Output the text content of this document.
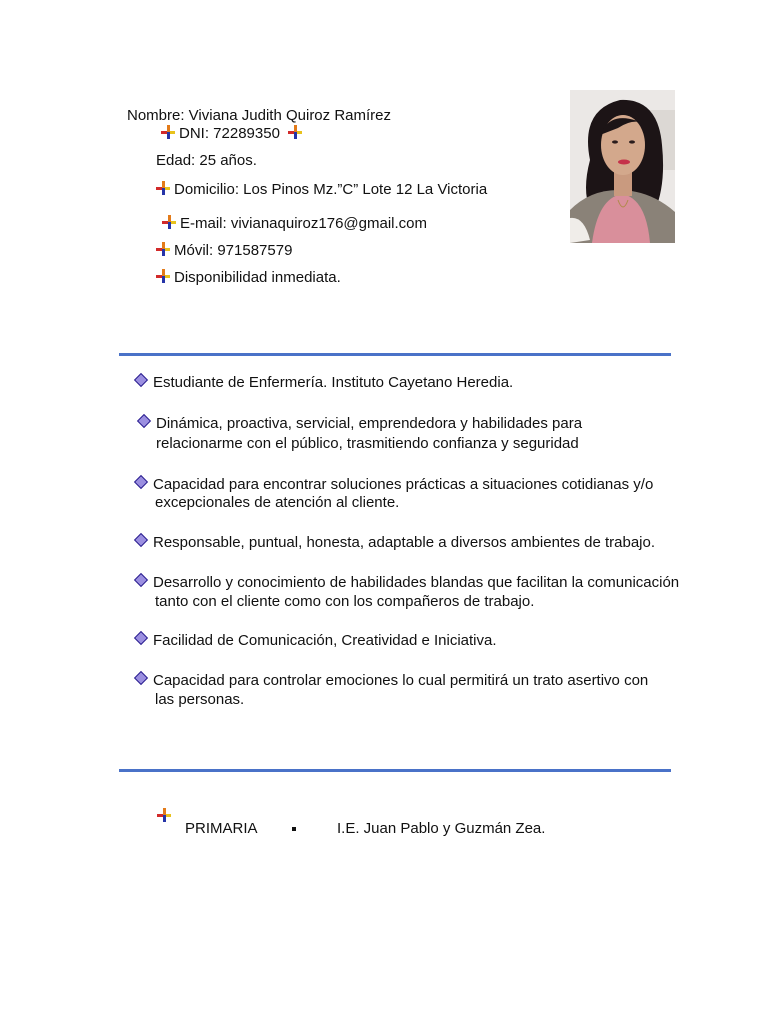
Nombre: Viviana Judith Quiroz Ramírez
DNI: 72289350
Edad: 25 años.
Domicilio: Los Pinos Mz.”C” Lote 12 La Victoria
E-mail: vivianaquiroz176@gmail.com
Móvil: 971587579
Disponibilidad inmediata.
Estudiante de Enfermería. Instituto Cayetano Heredia.
Dinámica, proactiva, servicial, emprendedora y habilidades para
relacionarme con el público, trasmitiendo confianza y seguridad
Capacidad para encontrar soluciones prácticas a situaciones cotidianas y/o
excepcionales de atención al cliente.
Responsable, puntual, honesta, adaptable a diversos ambientes de trabajo.
Desarrollo y conocimiento de habilidades blandas que facilitan la comunicación
tanto con el cliente como con los compañeros de trabajo.
Facilidad de Comunicación, Creatividad e Iniciativa.
Capacidad para controlar emociones lo cual permitirá un trato asertivo con
las personas.
PRIMARIA	I.E. Juan Pablo y Guzmán Zea.
